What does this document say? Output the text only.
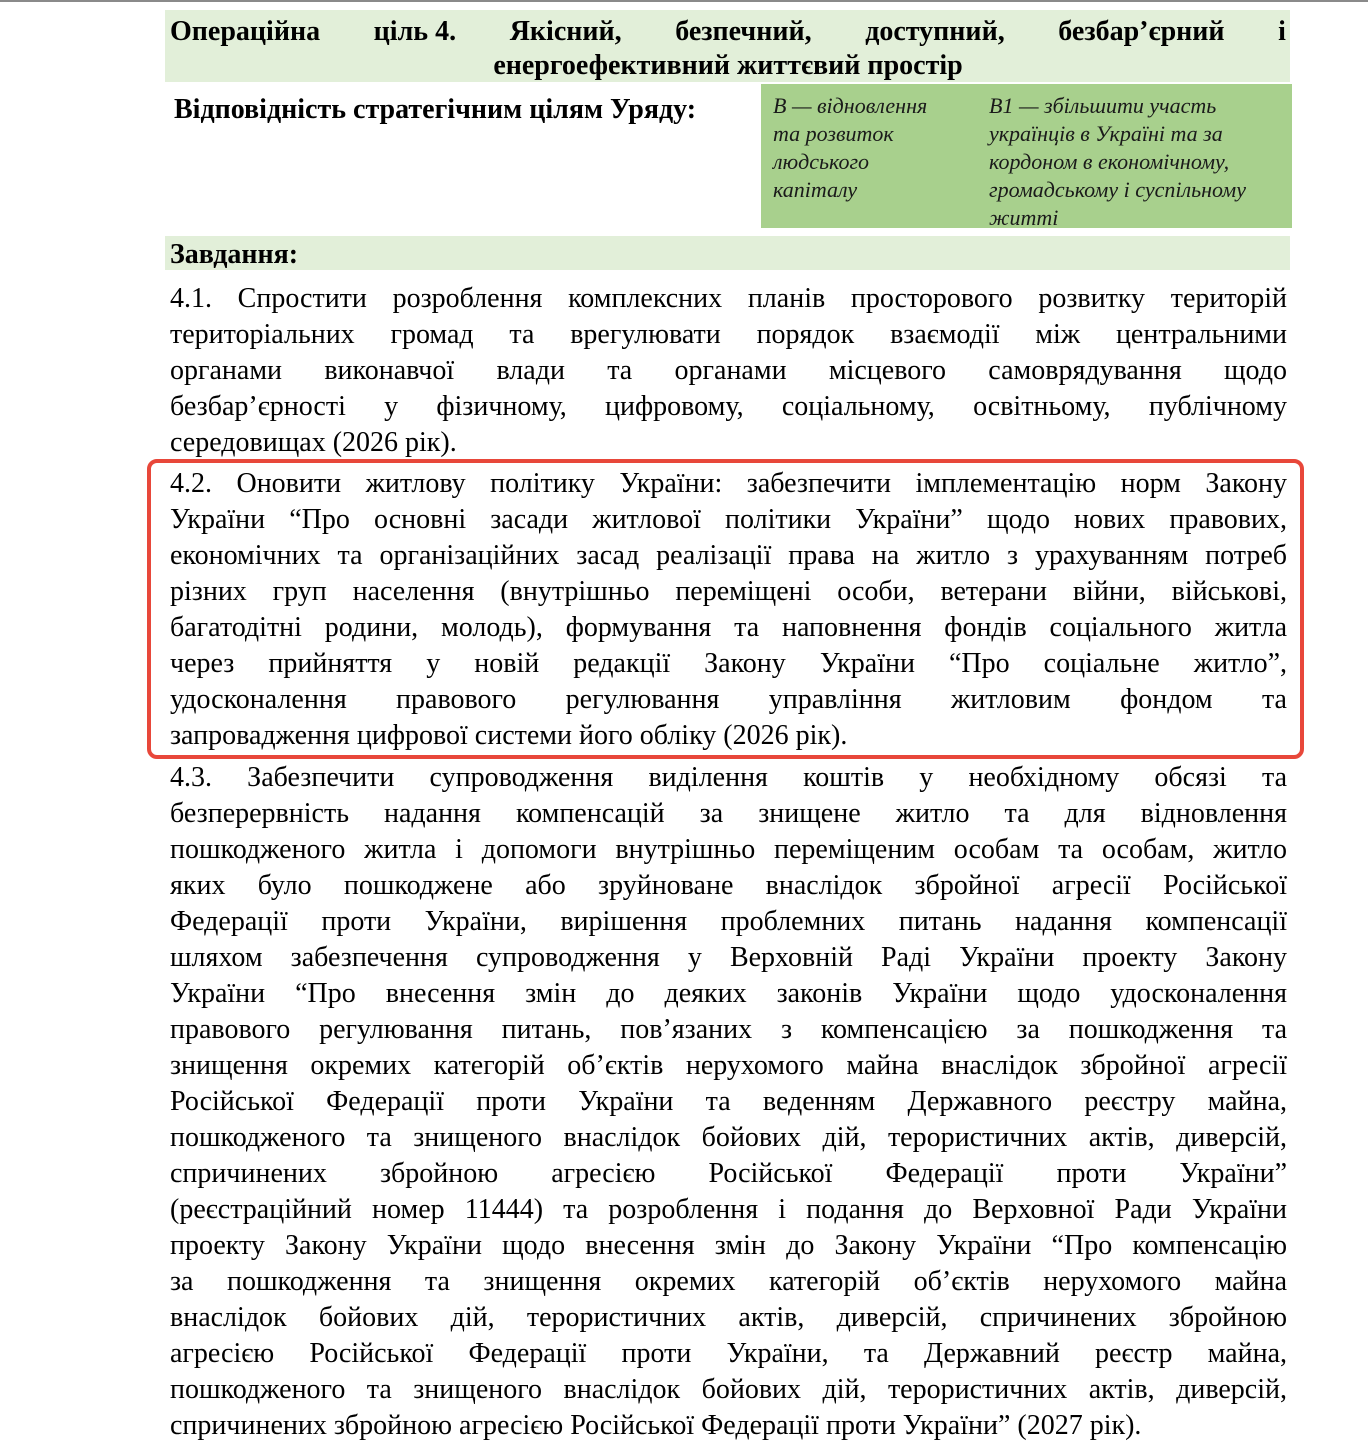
Операційна ціль 4. Якісний, безпечний, доступний, безбар’єрний і
енергоефективний життєвий простір
Відповідність стратегічним цілям Уряду:	В — відновлення
та розвиток
людського
капіталу
В1 — збільшити участь
українців в Україні та за
кордоном в економічному,
громадському і суспільному
житті
Завдання:
4.1. Спростити розроблення комплексних планів просторового розвитку територій
територіальних громад та врегулювати порядок взаємодії між центральними
органами виконавчої влади та органами місцевого самоврядування щодо
безбар’єрності у фізичному, цифровому, соціальному, освітньому, публічному
середовищах (2026 рік).
4.2. Оновити житлову політику України: забезпечити імплементацію норм Закону
України “Про основні засади житлової політики України” щодо нових правових,
економічних та організаційних засад реалізації права на житло з урахуванням потреб
різних груп населення (внутрішньо переміщені особи, ветерани війни, військові,
багатодітні родини, молодь), формування та наповнення фондів соціального житла
через прийняття у новій редакції Закону України “Про соціальне житло”,
удосконалення правового регулювання управління житловим фондом та
запровадження цифрової системи його обліку (2026 рік).
4.3. Забезпечити супроводження виділення коштів у необхідному обсязі та
безперервність надання компенсацій за знищене житло та для відновлення
пошкодженого житла і допомоги внутрішньо переміщеним особам та особам, житло
яких було пошкоджене або зруйноване внаслідок збройної агресії Російської
Федерації проти України, вирішення проблемних питань надання компенсації
шляхом забезпечення супроводження у Верховній Раді України проекту Закону
України “Про внесення змін до деяких законів України щодо удосконалення
правового регулювання питань, пов’язаних з компенсацією за пошкодження та
знищення окремих категорій об’єктів нерухомого майна внаслідок збройної агресії
Російської Федерації проти України та веденням Державного реєстру майна,
пошкодженого та знищеного внаслідок бойових дій, терористичних актів, диверсій,
спричинених збройною агресією Російської Федерації проти України”
(реєстраційний номер 11444) та розроблення і подання до Верховної Ради України
проекту Закону України щодо внесення змін до Закону України “Про компенсацію
за пошкодження та знищення окремих категорій об’єктів нерухомого майна
внаслідок бойових дій, терористичних актів, диверсій, спричинених збройною
агресією Російської Федерації проти України, та Державний реєстр майна,
пошкодженого та знищеного внаслідок бойових дій, терористичних актів, диверсій,
спричинених збройною агресією Російської Федерації проти України” (2027 рік).
